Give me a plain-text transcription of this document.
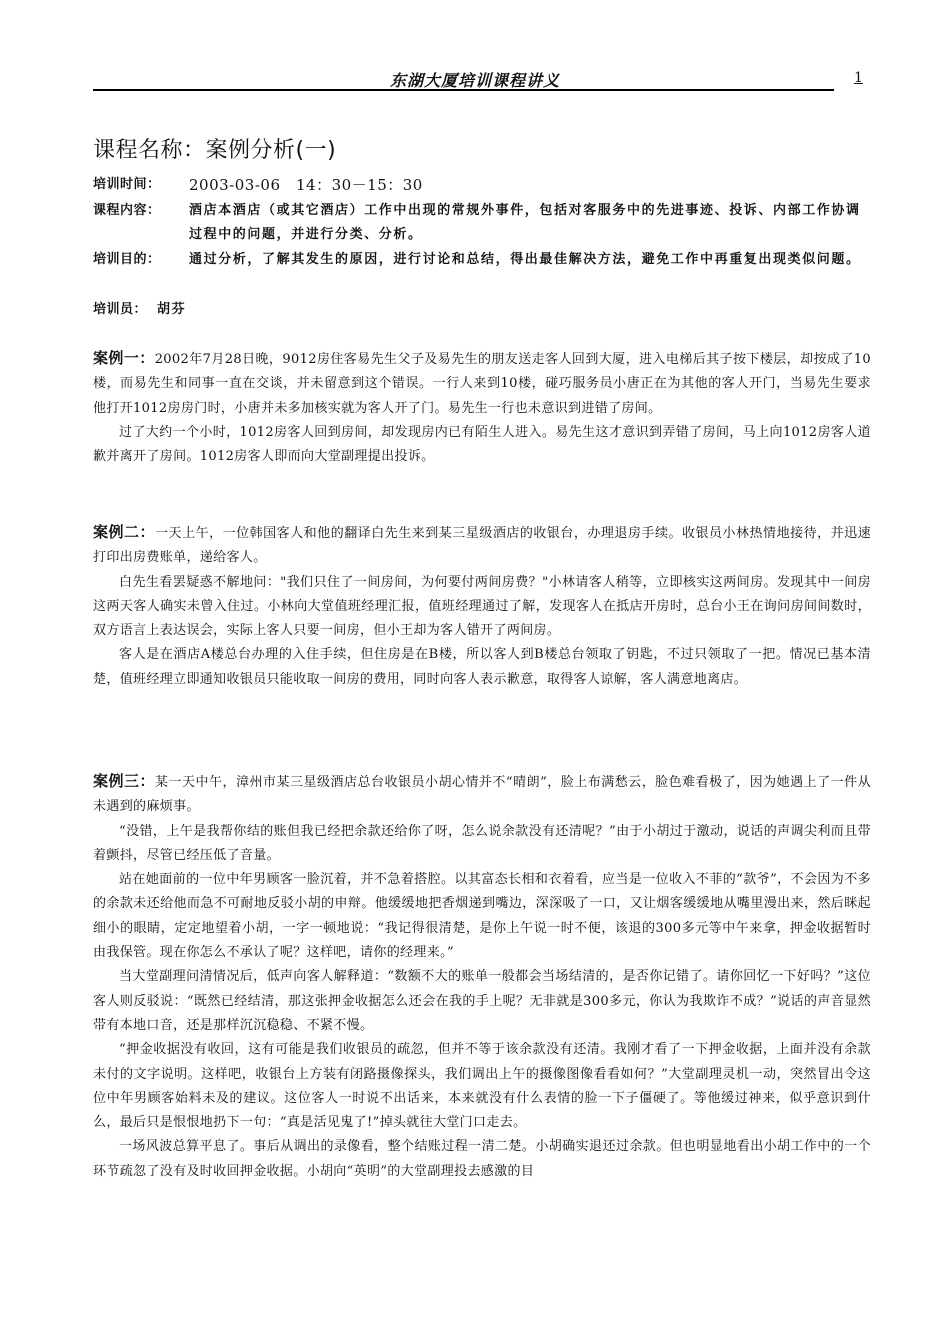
东湖大厦培训课程讲义	1
课程名称：案例分析(一)
培训时间： 2003-03-06　14：30－15：30
课程内容： 酒店本酒店（或其它酒店）工作中出现的常规外事件，包括对客服务中的先进事迹、投诉、内部工作协调过程中的问题，并进行分类、分析。
培训目的： 通过分析，了解其发生的原因，进行讨论和总结，得出最佳解决方法，避免工作中再重复出现类似问题。
培训员： 胡芬

案例一：2002年7月28日晚，9012房住客易先生父子及易先生的朋友送走客人回到大厦，进入电梯后其子按下楼层，却按成了10楼，而易先生和同事一直在交谈，并未留意到这个错误。一行人来到10楼，碰巧服务员小唐正在为其他的客人开门，当易先生要求他打开1012房房门时，小唐并未多加核实就为客人开了门。易先生一行也未意识到进错了房间。

过了大约一个小时，1012房客人回到房间，却发现房内已有陌生人进入。易先生这才意识到弄错了房间，马上向1012房客人道歉并离开了房间。1012房客人即而向大堂副理提出投诉。

案例二：一天上午，一位韩国客人和他的翻译白先生来到某三星级酒店的收银台，办理退房手续。收银员小林热情地接待，并迅速打印出房费账单，递给客人。

白先生看罢疑惑不解地问："我们只住了一间房间，为何要付两间房费？"小林请客人稍等，立即核实这两间房。发现其中一间房这两天客人确实未曾入住过。小林向大堂值班经理汇报，值班经理通过了解，发现客人在抵店开房时，总台小王在询问房间间数时，双方语言上表达误会，实际上客人只要一间房，但小王却为客人错开了两间房。

客人是在酒店A楼总台办理的入住手续，但住房是在B楼，所以客人到B楼总台领取了钥匙，不过只领取了一把。情况已基本清楚，值班经理立即通知收银员只能收取一间房的费用，同时向客人表示歉意，取得客人谅解，客人满意地离店。

案例三：某一天中午，漳州市某三星级酒店总台收银员小胡心情并不“晴朗”，脸上布满愁云，脸色难看极了，因为她遇上了一件从未遇到的麻烦事。

“没错，上午是我帮你结的账但我已经把余款还给你了呀，怎么说余款没有还清呢？”由于小胡过于激动，说话的声调尖利而且带着颤抖，尽管已经压低了音量。

站在她面前的一位中年男顾客一脸沉着，并不急着搭腔。以其富态长相和衣着看，应当是一位收入不菲的“款爷”，不会因为不多的余款未还给他而急不可耐地反驳小胡的申辩。他缓缓地把香烟递到嘴边，深深吸了一口，又让烟客缓缓地从嘴里漫出来，然后眯起细小的眼睛，定定地望着小胡，一字一顿地说：“我记得很清楚，是你上午说一时不便，该退的300多元等中午来拿，押金收据暂时由我保管。现在你怎么不承认了呢？这样吧，请你的经理来。”

当大堂副理问清情况后，低声向客人解释道：“数额不大的账单一般都会当场结清的，是否你记错了。请你回忆一下好吗？”这位客人则反驳说：“既然已经结清，那这张押金收据怎么还会在我的手上呢？无非就是300多元，你认为我欺诈不成？”说话的声音显然带有本地口音，还是那样沉沉稳稳、不紧不慢。

“押金收据没有收回，这有可能是我们收银员的疏忽，但并不等于该余款没有还清。我刚才看了一下押金收据，上面并没有余款未付的文字说明。这样吧，收银台上方装有闭路摄像探头，我们调出上午的摄像图像看看如何？”大堂副理灵机一动，突然冒出令这位中年男顾客始料未及的建议。这位客人一时说不出话来，本来就没有什么表情的脸一下子僵硬了。等他缓过神来，似乎意识到什么，最后只是恨恨地扔下一句：“真是活见鬼了!”掉头就往大堂门口走去。

一场风波总算平息了。事后从调出的录像看，整个结账过程一清二楚。小胡确实退还过余款。但也明显地看出小胡工作中的一个环节疏忽了没有及时收回押金收据。小胡向“英明”的大堂副理投去感激的目
